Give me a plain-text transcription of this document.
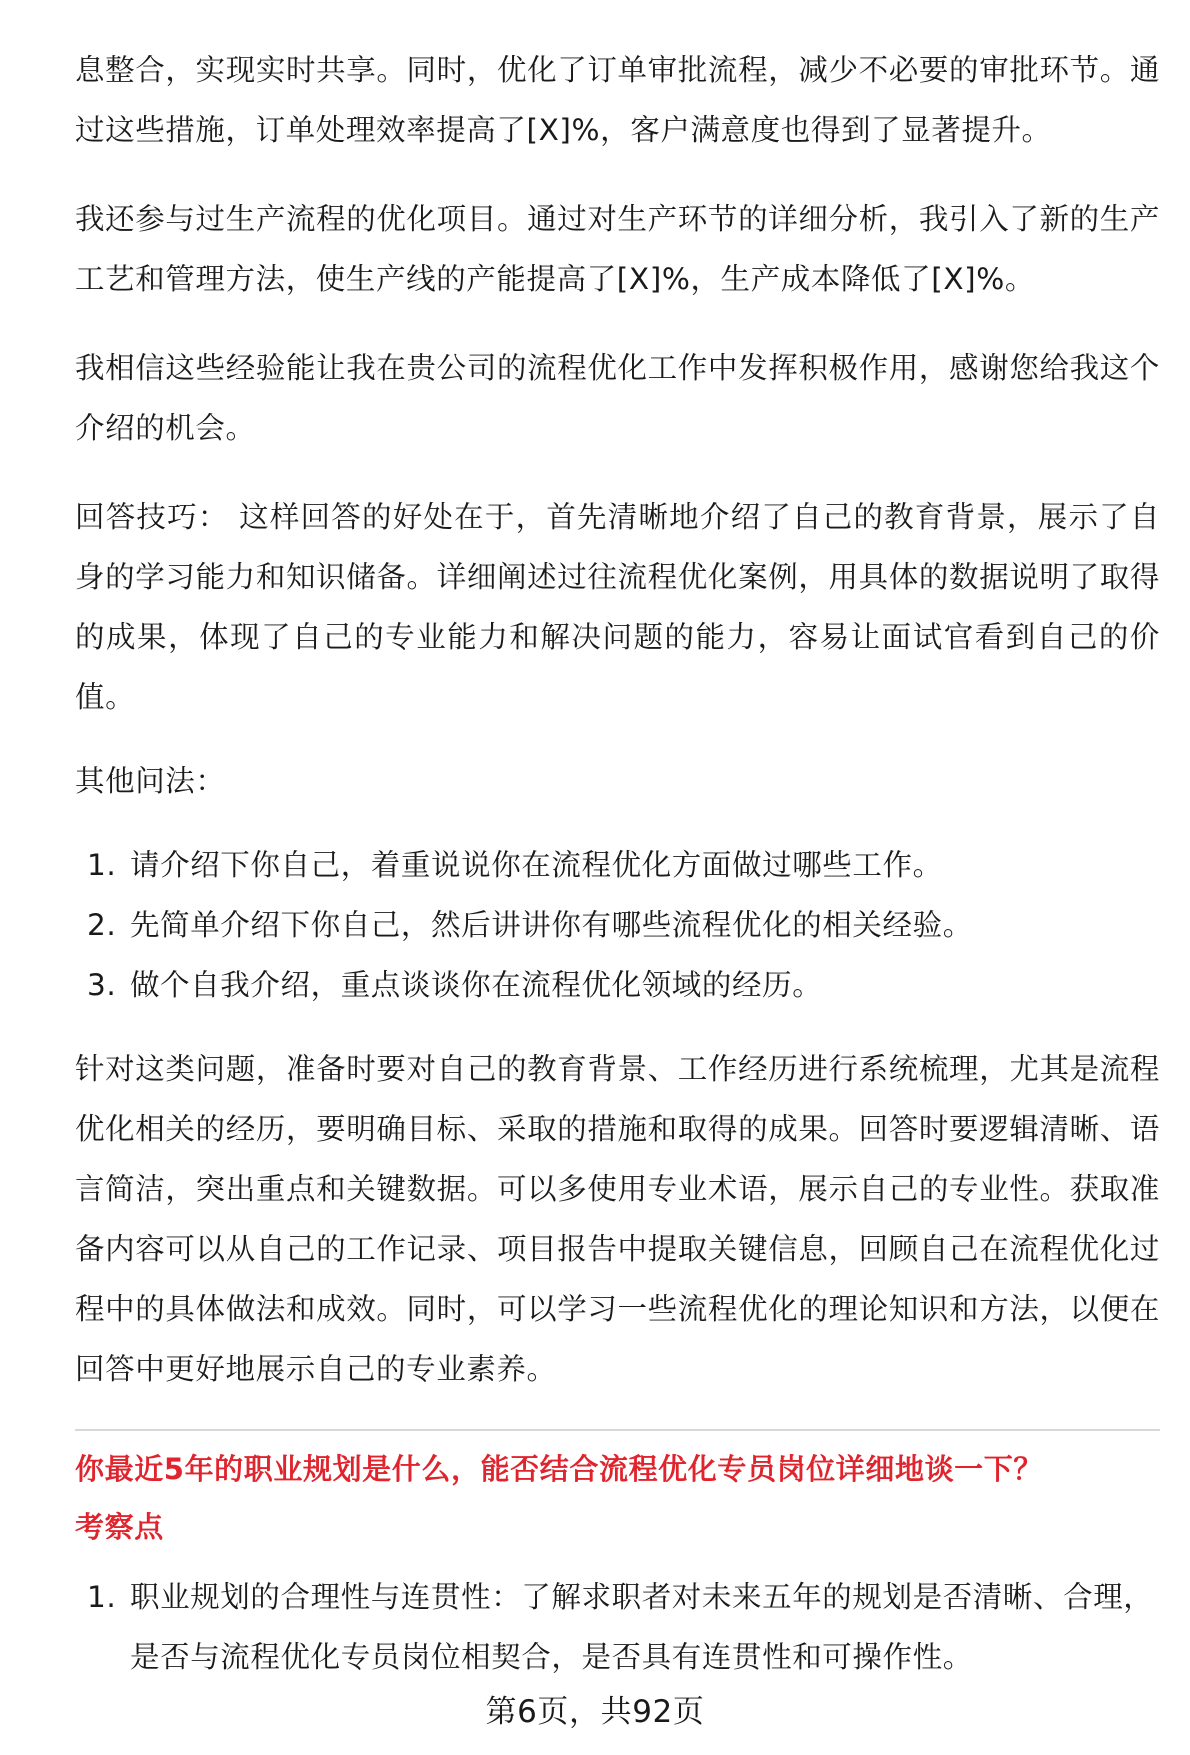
息整合，实现实时共享。同时，优化了订单审批流程，减少不必要的审批环节。通过这些措施，订单处理效率提高了[X]%，客户满意度也得到了显著提升。

我还参与过生产流程的优化项目。通过对生产环节的详细分析，我引入了新的生产工艺和管理方法，使生产线的产能提高了[X]%，生产成本降低了[X]%。

我相信这些经验能让我在贵公司的流程优化工作中发挥积极作用，感谢您给我这个介绍的机会。

回答技巧： 这样回答的好处在于，首先清晰地介绍了自己的教育背景，展示了自身的学习能力和知识储备。详细阐述过往流程优化案例，用具体的数据说明了取得的成果，体现了自己的专业能力和解决问题的能力，容易让面试官看到自己的价值。

其他问法：

1. 请介绍下你自己，着重说说你在流程优化方面做过哪些工作。
2. 先简单介绍下你自己，然后讲讲你有哪些流程优化的相关经验。
3. 做个自我介绍，重点谈谈你在流程优化领域的经历。

针对这类问题，准备时要对自己的教育背景、工作经历进行系统梳理，尤其是流程优化相关的经历，要明确目标、采取的措施和取得的成果。回答时要逻辑清晰、语言简洁，突出重点和关键数据。可以多使用专业术语，展示自己的专业性。获取准备内容可以从自己的工作记录、项目报告中提取关键信息，回顾自己在流程优化过程中的具体做法和成效。同时，可以学习一些流程优化的理论知识和方法，以便在回答中更好地展示自己的专业素养。

你最近5年的职业规划是什么，能否结合流程优化专员岗位详细地谈一下？

考察点

1. 职业规划的合理性与连贯性：了解求职者对未来五年的规划是否清晰、合理，是否与流程优化专员岗位相契合，是否具有连贯性和可操作性。
第6页，共92页
